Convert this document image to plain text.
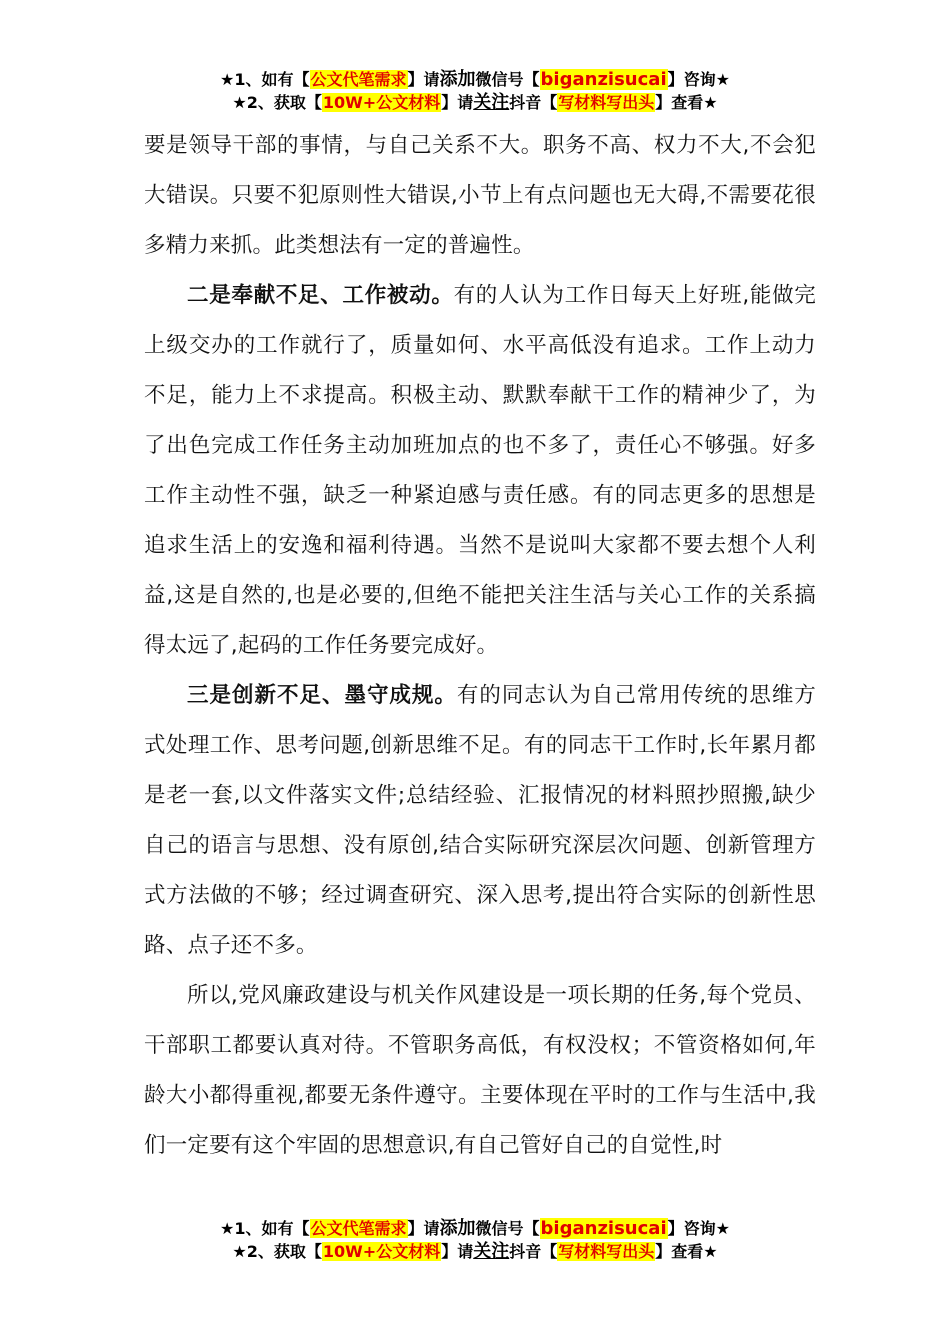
★1、如有【公文代笔需求】请添加微信号【biganzisucai】咨询★
★2、获取【10W+公文材料】请关注抖音【写材料写出头】查看★

要是领导干部的事情，与自己关系不大。职务不高、权力不大,不会犯大错误。只要不犯原则性大错误,小节上有点问题也无大碍,不需要花很多精力来抓。此类想法有一定的普遍性。

二是奉献不足、工作被动。有的人认为工作日每天上好班,能做完上级交办的工作就行了，质量如何、水平高低没有追求。工作上动力不足，能力上不求提高。积极主动、默默奉献干工作的精神少了，为了出色完成工作任务主动加班加点的也不多了，责任心不够强。好多工作主动性不强，缺乏一种紧迫感与责任感。有的同志更多的思想是追求生活上的安逸和福利待遇。当然不是说叫大家都不要去想个人利益,这是自然的,也是必要的,但绝不能把关注生活与关心工作的关系搞得太远了,起码的工作任务要完成好。

三是创新不足、墨守成规。有的同志认为自己常用传统的思维方式处理工作、思考问题,创新思维不足。有的同志干工作时,长年累月都是老一套,以文件落实文件;总结经验、汇报情况的材料照抄照搬,缺少自己的语言与思想、没有原创,结合实际研究深层次问题、创新管理方式方法做的不够；经过调查研究、深入思考,提出符合实际的创新性思路、点子还不多。

所以,党风廉政建设与机关作风建设是一项长期的任务,每个党员、干部职工都要认真对待。不管职务高低，有权没权；不管资格如何,年龄大小都得重视,都要无条件遵守。主要体现在平时的工作与生活中,我们一定要有这个牢固的思想意识,有自己管好自己的自觉性,时

★1、如有【公文代笔需求】请添加微信号【biganzisucai】咨询★
★2、获取【10W+公文材料】请关注抖音【写材料写出头】查看★
